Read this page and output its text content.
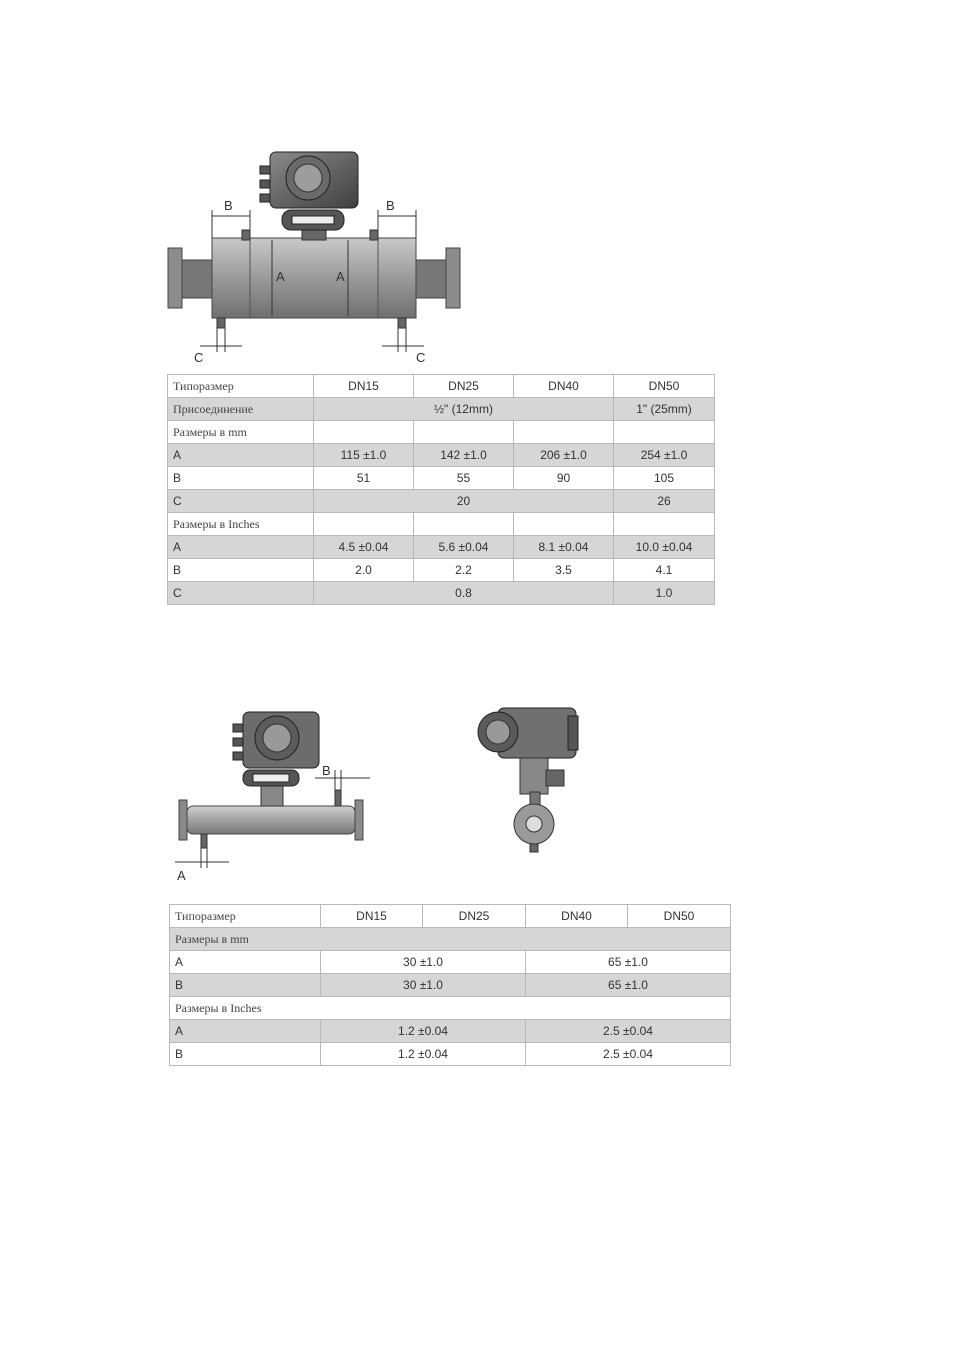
B	B
A	A
C	C
Типоразмер	DN15	DN25	DN40	DN50
Присоединение	½" (12mm)			1" (25mm)
Размеры в mm				
A	115 ±1.0	142 ±1.0	206 ±1.0	254 ±1.0
B	51	55	90	105
C	20			26
Размеры в Inches				
A	4.5 ±0.04	5.6 ±0.04	8.1 ±0.04	10.0 ±0.04
B	2.0	2.2	3.5	4.1
C	0.8			1.0
B
A
Типоразмер	DN15	DN25	DN40	DN50
Размеры в mm				
A	30 ±1.0		65 ±1.0	
B	30 ±1.0		65 ±1.0	
Размеры в Inches				
A	1.2 ±0.04		2.5 ±0.04	
B	1.2 ±0.04		2.5 ±0.04	
